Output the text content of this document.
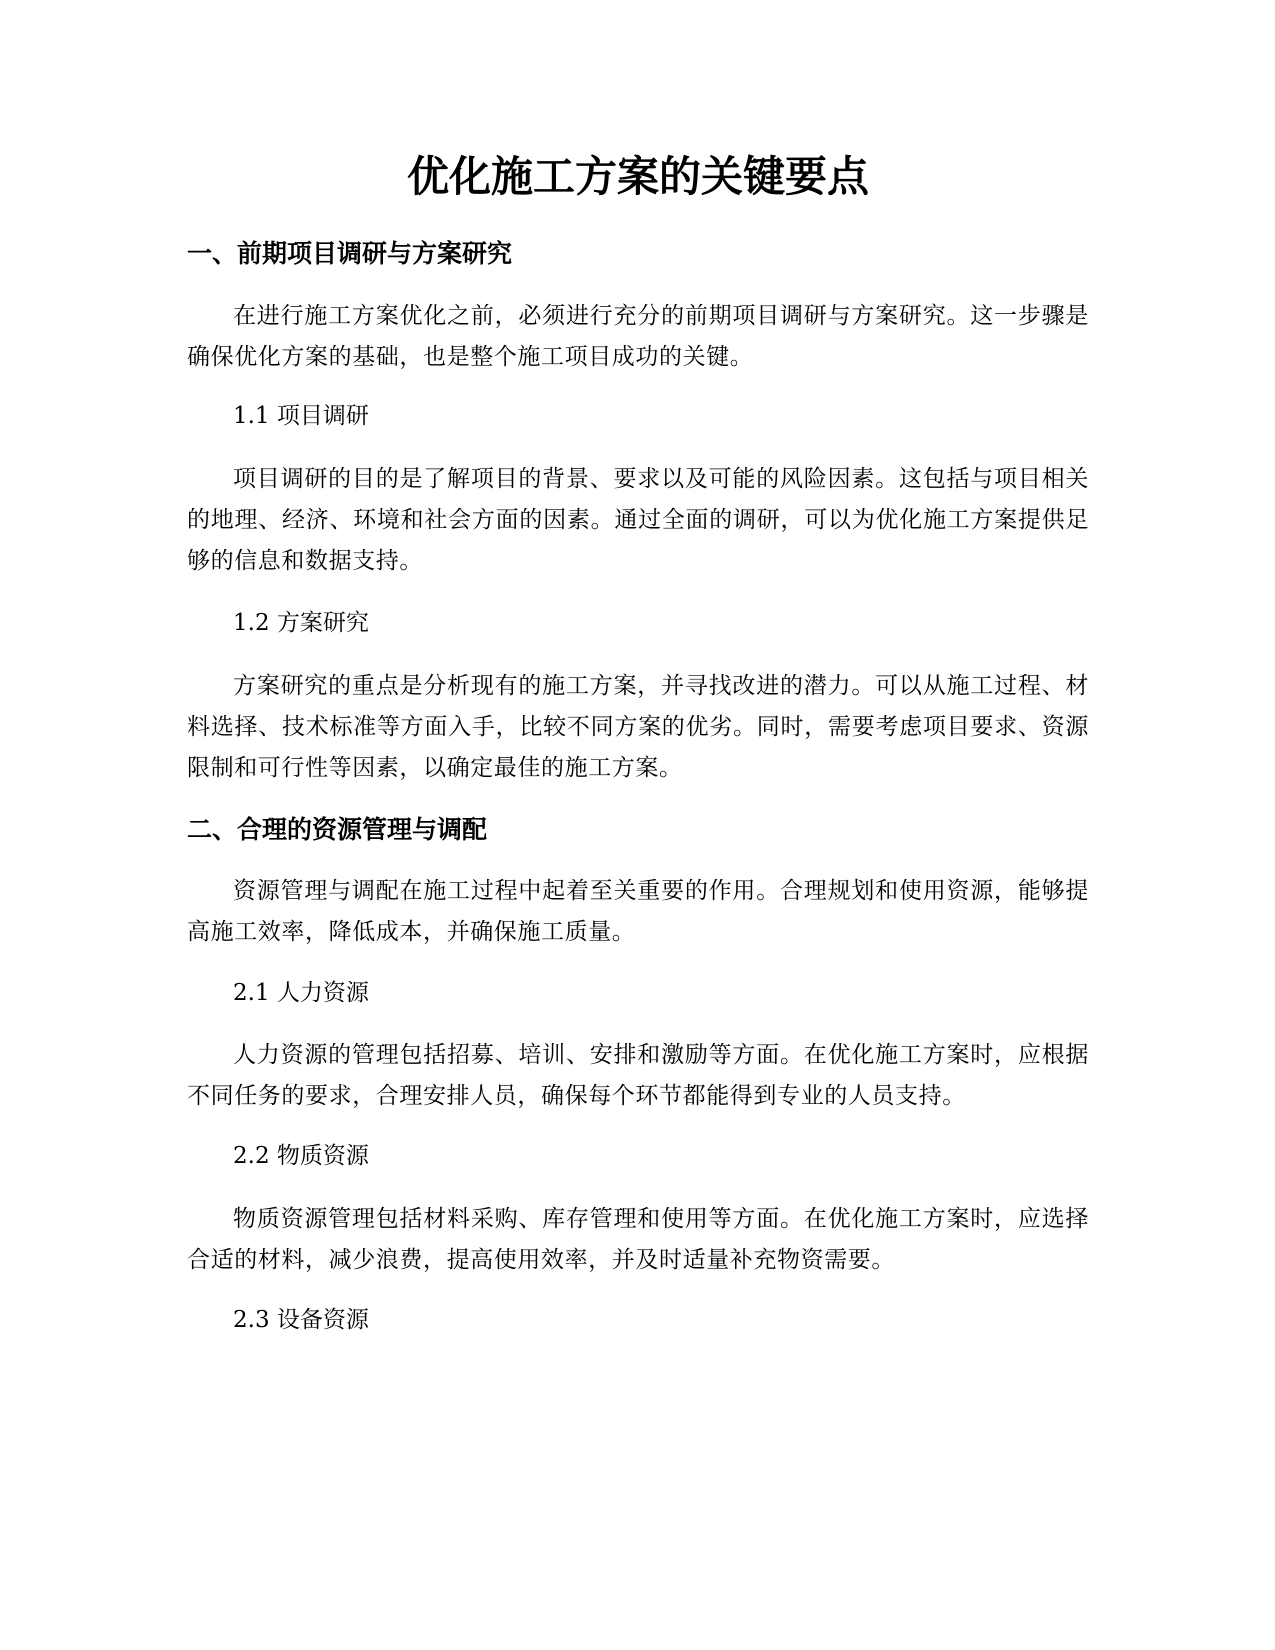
优化施工方案的关键要点
一、前期项目调研与方案研究

在进行施工方案优化之前，必须进行充分的前期项目调研与方案研究。这一步骤是确保优化方案的基础，也是整个施工项目成功的关键。

1.1 项目调研

项目调研的目的是了解项目的背景、要求以及可能的风险因素。这包括与项目相关的地理、经济、环境和社会方面的因素。通过全面的调研，可以为优化施工方案提供足够的信息和数据支持。

1.2 方案研究

方案研究的重点是分析现有的施工方案，并寻找改进的潜力。可以从施工过程、材料选择、技术标准等方面入手，比较不同方案的优劣。同时，需要考虑项目要求、资源限制和可行性等因素，以确定最佳的施工方案。

二、合理的资源管理与调配

资源管理与调配在施工过程中起着至关重要的作用。合理规划和使用资源，能够提高施工效率，降低成本，并确保施工质量。

2.1 人力资源

人力资源的管理包括招募、培训、安排和激励等方面。在优化施工方案时，应根据不同任务的要求，合理安排人员，确保每个环节都能得到专业的人员支持。

2.2 物质资源

物质资源管理包括材料采购、库存管理和使用等方面。在优化施工方案时，应选择合适的材料，减少浪费，提高使用效率，并及时适量补充物资需要。

2.3 设备资源
